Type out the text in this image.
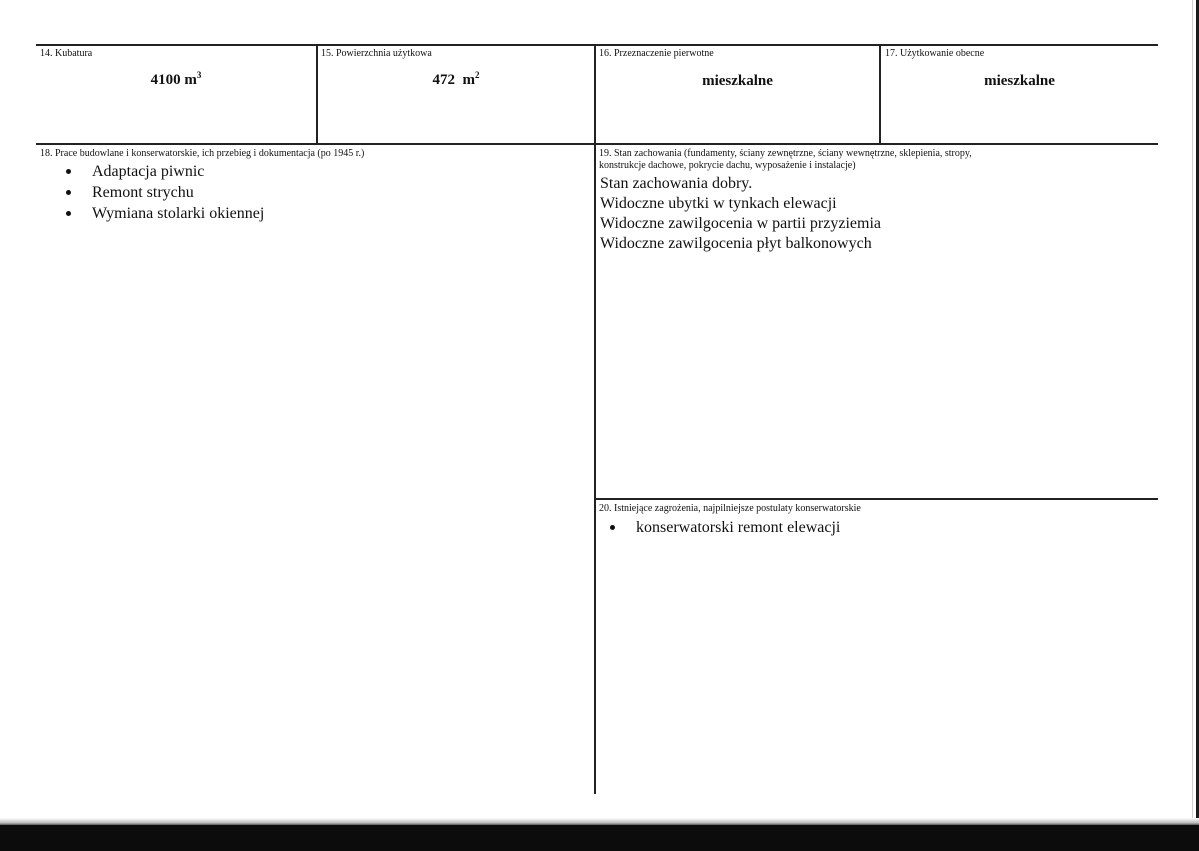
14. Kubatura
4100 $m^3$
15. Powierzchnia użytkowa
472 $m^2$
16. Przeznaczenie pierwotne
mieszkalne
17. Użytkowanie obecne
mieszkalne
18. Prace budowlane i konserwatorskie, ich przebieg i dokumentacja (po 1945 r.)
Adaptacja piwnic
Remont strychu
Wymiana stolarki okiennej
19. Stan zachowania (fundamenty, ściany zewnętrzne, ściany wewnętrzne, sklepienia, stropy,
konstrukcje dachowe, pokrycie dachu, wyposażenie i instalacje)
Stan zachowania dobry.
Widoczne ubytki w tynkach elewacji
Widoczne zawilgocenia w partii przyziemia
Widoczne zawilgocenia płyt balkonowych
20. Istniejące zagrożenia, najpilniejsze postulaty konserwatorskie
konserwatorski remont elewacji
